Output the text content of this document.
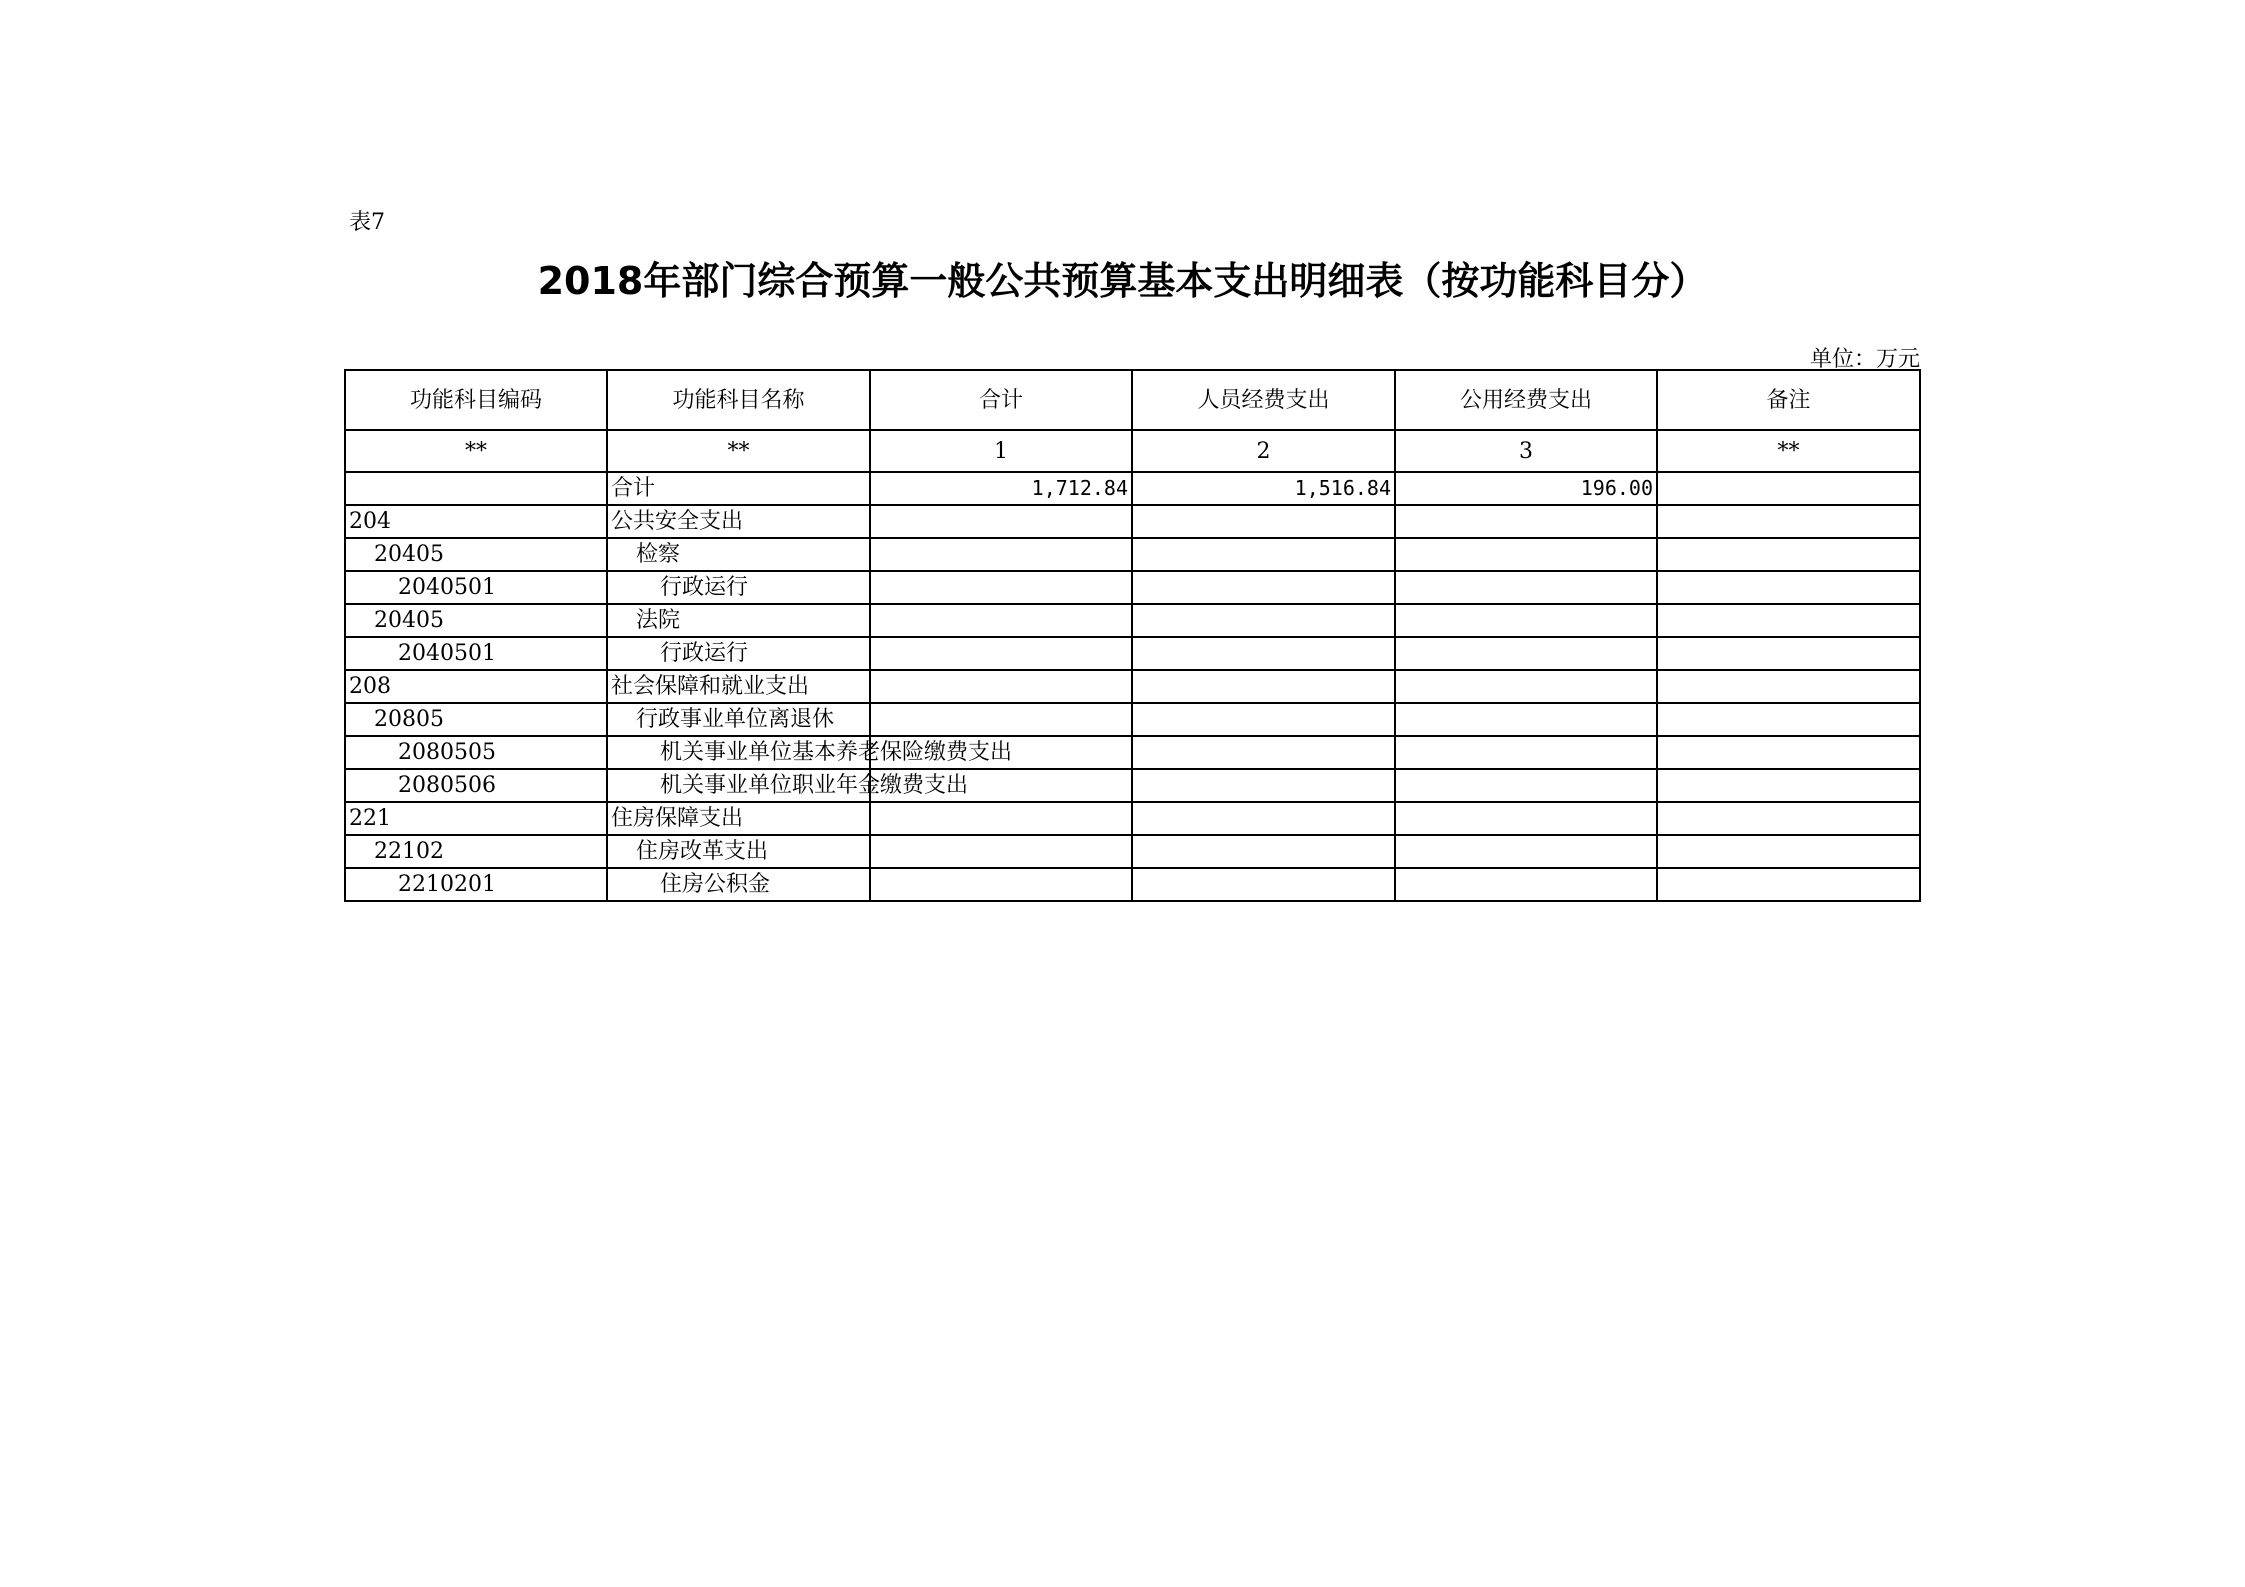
表7
2018年部门综合预算一般公共预算基本支出明细表（按功能科目分）
单位：万元
功能科目编码	功能科目名称	合计	人员经费支出	公用经费支出	备注
**	**	1	2	3	**
	合计	1,712.84	1,516.84	196.00	
204	公共安全支出				
20405	检察				
2040501	行政运行				
20405	法院				
2040501	行政运行				
208	社会保障和就业支出				
20805	行政事业单位离退休				
2080505	机关事业单位基本养老保险缴费支出				
2080506	机关事业单位职业年金缴费支出				
221	住房保障支出				
22102	住房改革支出				
2210201	住房公积金				
